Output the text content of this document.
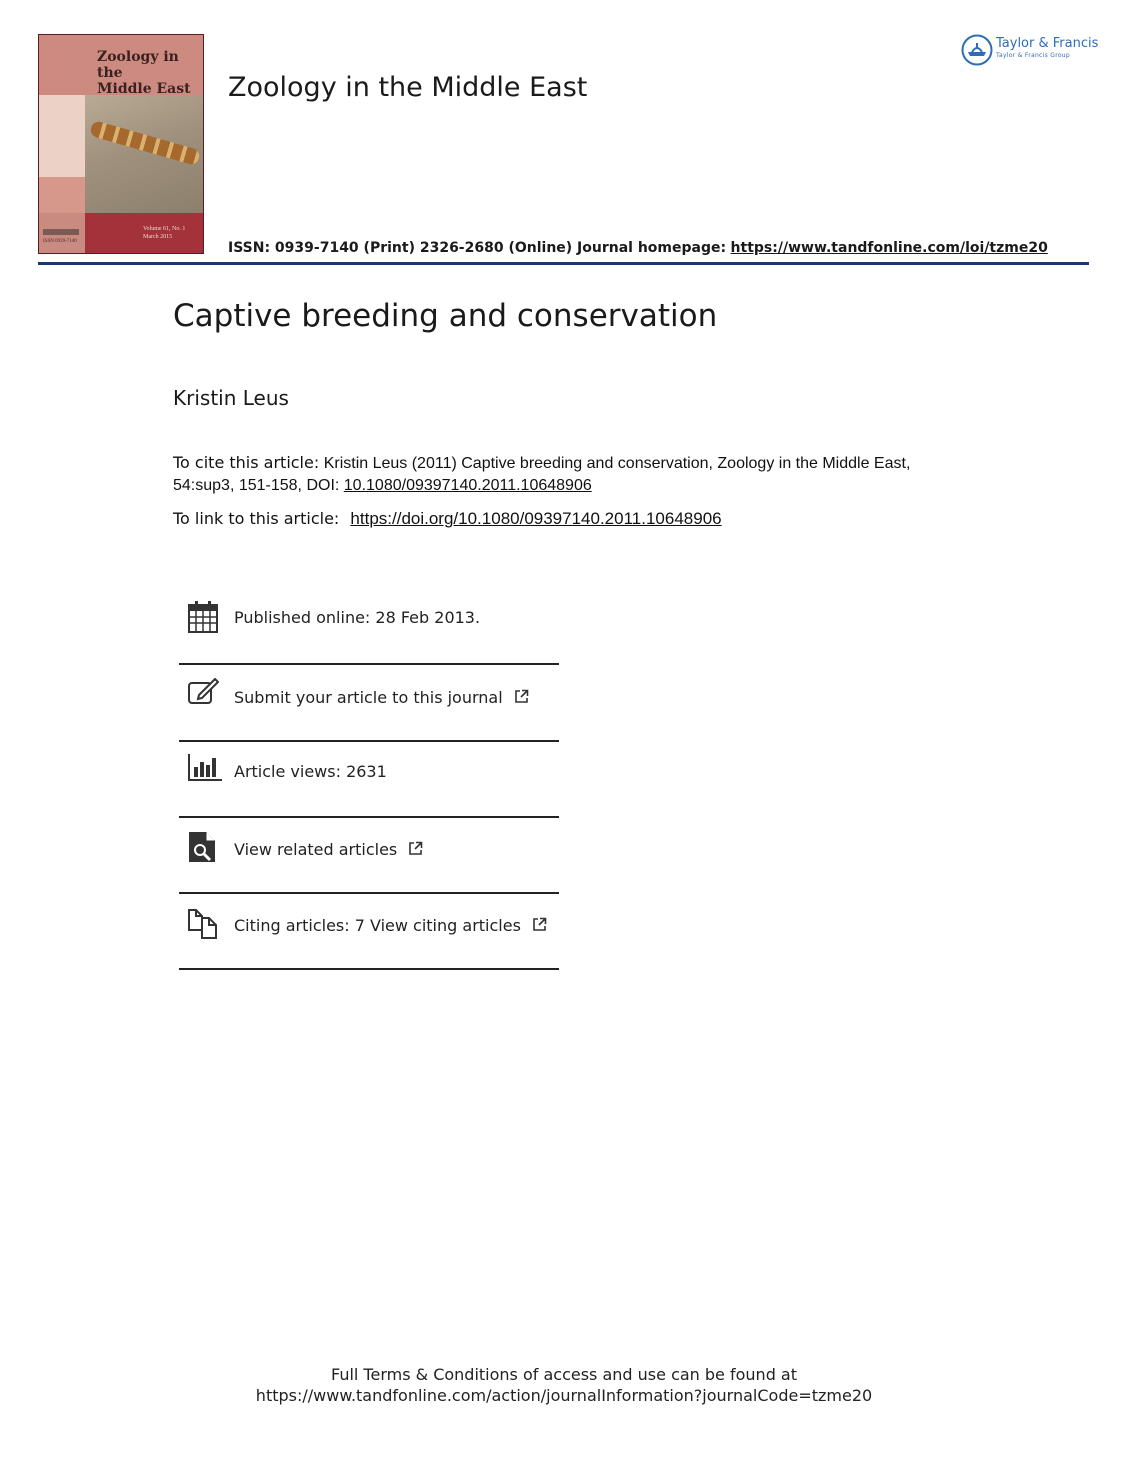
Zoology in the
Middle East
ISSN 0939-7140
Volume 61, No. 1
March 2015
Zoology in the Middle East
ISSN: 0939-7140 (Print) 2326-2680 (Online) Journal homepage: https://www.tandfonline.com/loi/tzme20
Taylor & Francis
Taylor & Francis Group
Captive breeding and conservation
Kristin Leus
To cite this article: Kristin Leus (2011) Captive breeding and conservation, Zoology in the Middle East, 54:sup3, 151-158, DOI: 10.1080/09397140.2011.10648906
To link to this article: https://doi.org/10.1080/09397140.2011.10648906
Published online: 28 Feb 2013.
Submit your article to this journal
Article views: 2631
View related articles
Citing articles: 7 View citing articles
Full Terms & Conditions of access and use can be found at
https://www.tandfonline.com/action/journalInformation?journalCode=tzme20
